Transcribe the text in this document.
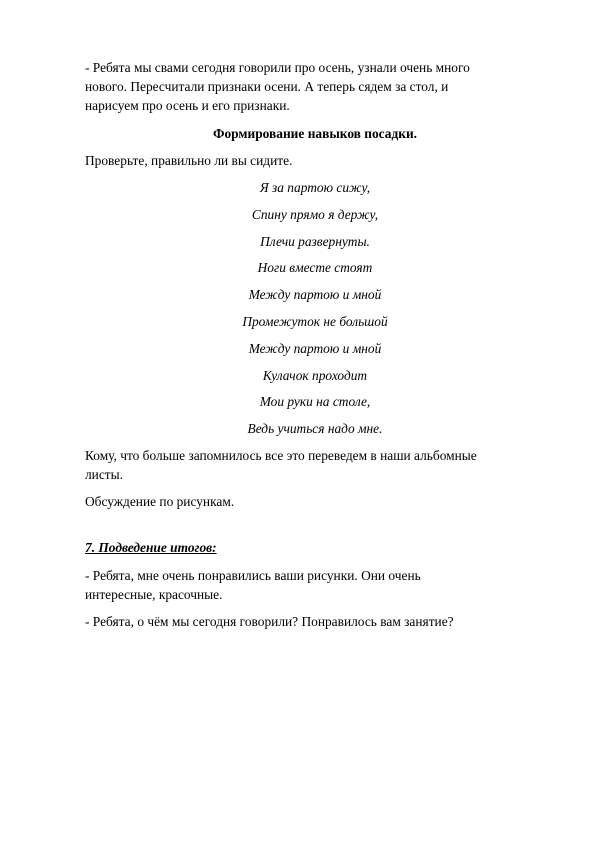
- Ребята мы свами сегодня говорили про осень, узнали очень много

нового. Пересчитали признаки осени. А теперь сядем за стол, и

нарисуем про осень и его признаки.

Формирование навыков посадки.

Проверьте, правильно ли вы сидите.

Я за партою сижу,

Спину прямо я держу,

Плечи развернуты.

Ноги вместе стоят

Между партою и мной

Промежуток не большой

Между партою и мной

Кулачок проходит

Мои руки на столе,

Ведь учиться надо мне.

Кому, что больше запомнилось все это переведем в наши альбомные

листы.

Обсуждение по рисункам.

7. Подведение итогов:

- Ребята, мне очень понравились ваши рисунки. Они очень

интересные, красочные.

- Ребята, о чём мы сегодня говорили? Понравилось вам занятие?
